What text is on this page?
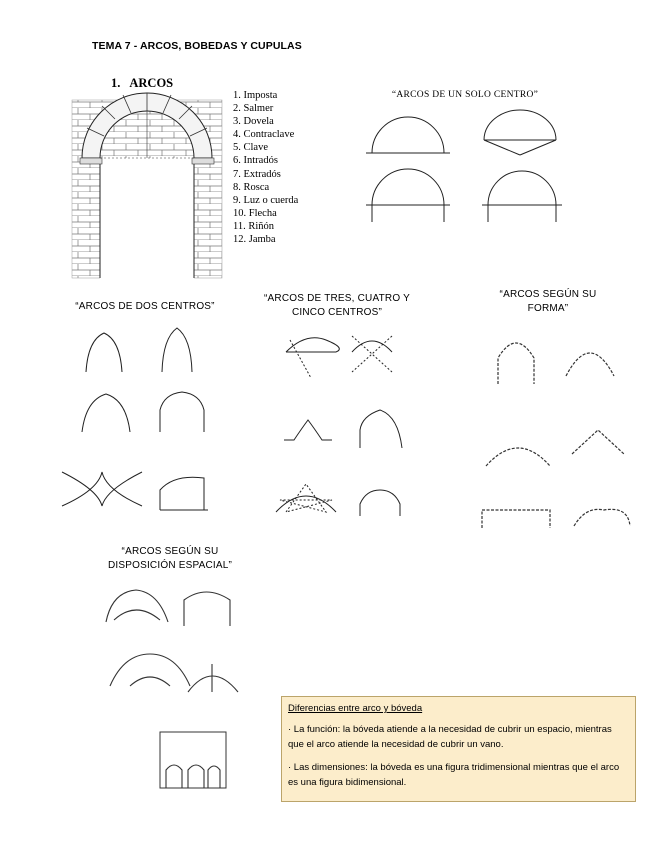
TEMA 7 - ARCOS, BOBEDAS Y CUPULAS
1. ARCOS
1. Imposta
2. Salmer
3. Dovela
4. Contraclave
5. Clave
6. Intradós
7. Extradós
8. Rosca
9. Luz o cuerda
10. Flecha
11. Riñón
12. Jamba
“ARCOS DE UN SOLO CENTRO”
“ARCOS DE DOS CENTROS”
“ARCOS DE TRES, CUATRO Y
CINCO CENTROS”
“ARCOS SEGÚN SU
FORMA”
“ARCOS SEGÚN SU
DISPOSICIÓN ESPACIAL”
Diferencias entre arco y bóveda

· La función: la bóveda atiende a la necesidad de cubrir un espacio, mientras que el arco atiende la necesidad de cubrir un vano.

· Las dimensiones: la bóveda es una figura tridimensional mientras que el arco es una figura bidimensional.
